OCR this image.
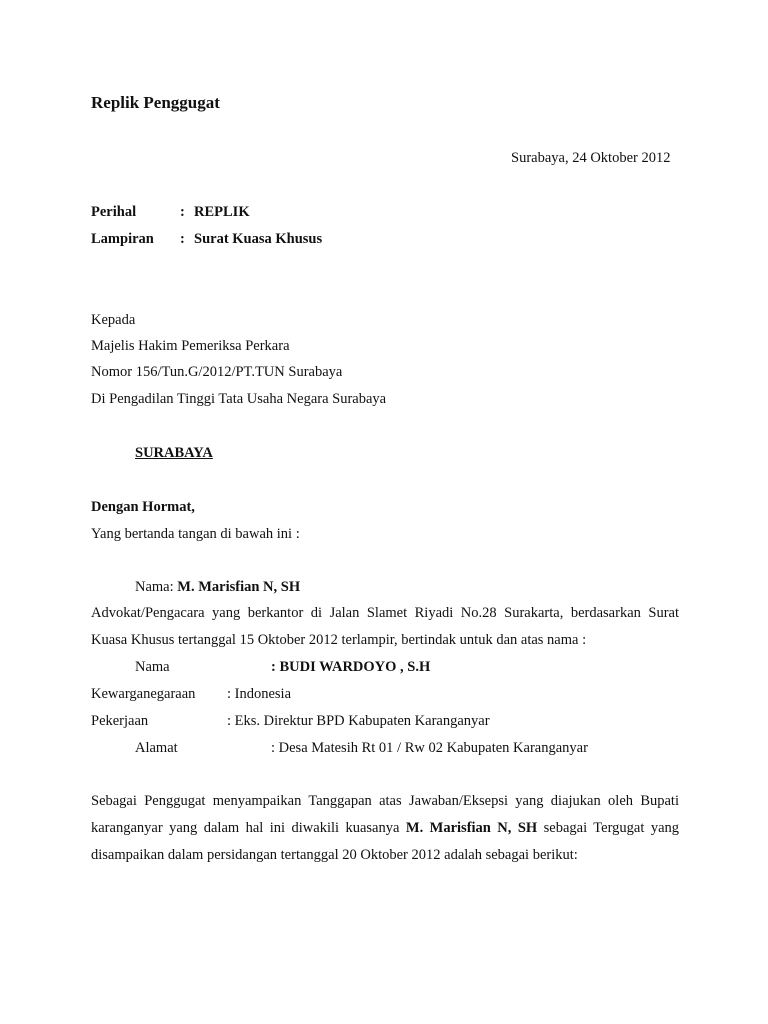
Replik Penggugat
Surabaya, 24 Oktober 2012
Perihal	: REPLIK
Lampiran : Surat Kuasa Khusus
Kepada
Majelis Hakim Pemeriksa Perkara
Nomor 156/Tun.G/2012/PT.TUN Surabaya
Di Pengadilan Tinggi Tata Usaha Negara Surabaya
SURABAYA
Dengan Hormat,
Yang bertanda tangan di bawah ini :
Nama: M. Marisfian N, SH
Advokat/Pengacara yang berkantor di Jalan Slamet Riyadi No.28 Surakarta, berdasarkan Surat
Kuasa Khusus tertanggal 15 Oktober 2012 terlampir, bertindak untuk dan atas nama :
Nama	: BUDI WARDOYO , S.H
Kewarganegaraan : Indonesia
Pekerjaan	: Eks. Direktur BPD Kabupaten Karanganyar
Alamat	: Desa Matesih Rt 01 / Rw 02 Kabupaten Karanganyar
Sebagai Penggugat menyampaikan Tanggapan atas Jawaban/Eksepsi yang diajukan oleh Bupati
karanganyar yang dalam hal ini diwakili kuasanya M. Marisfian N, SH sebagai Tergugat yang
disampaikan dalam persidangan tertanggal 20 Oktober 2012 adalah sebagai berikut:
